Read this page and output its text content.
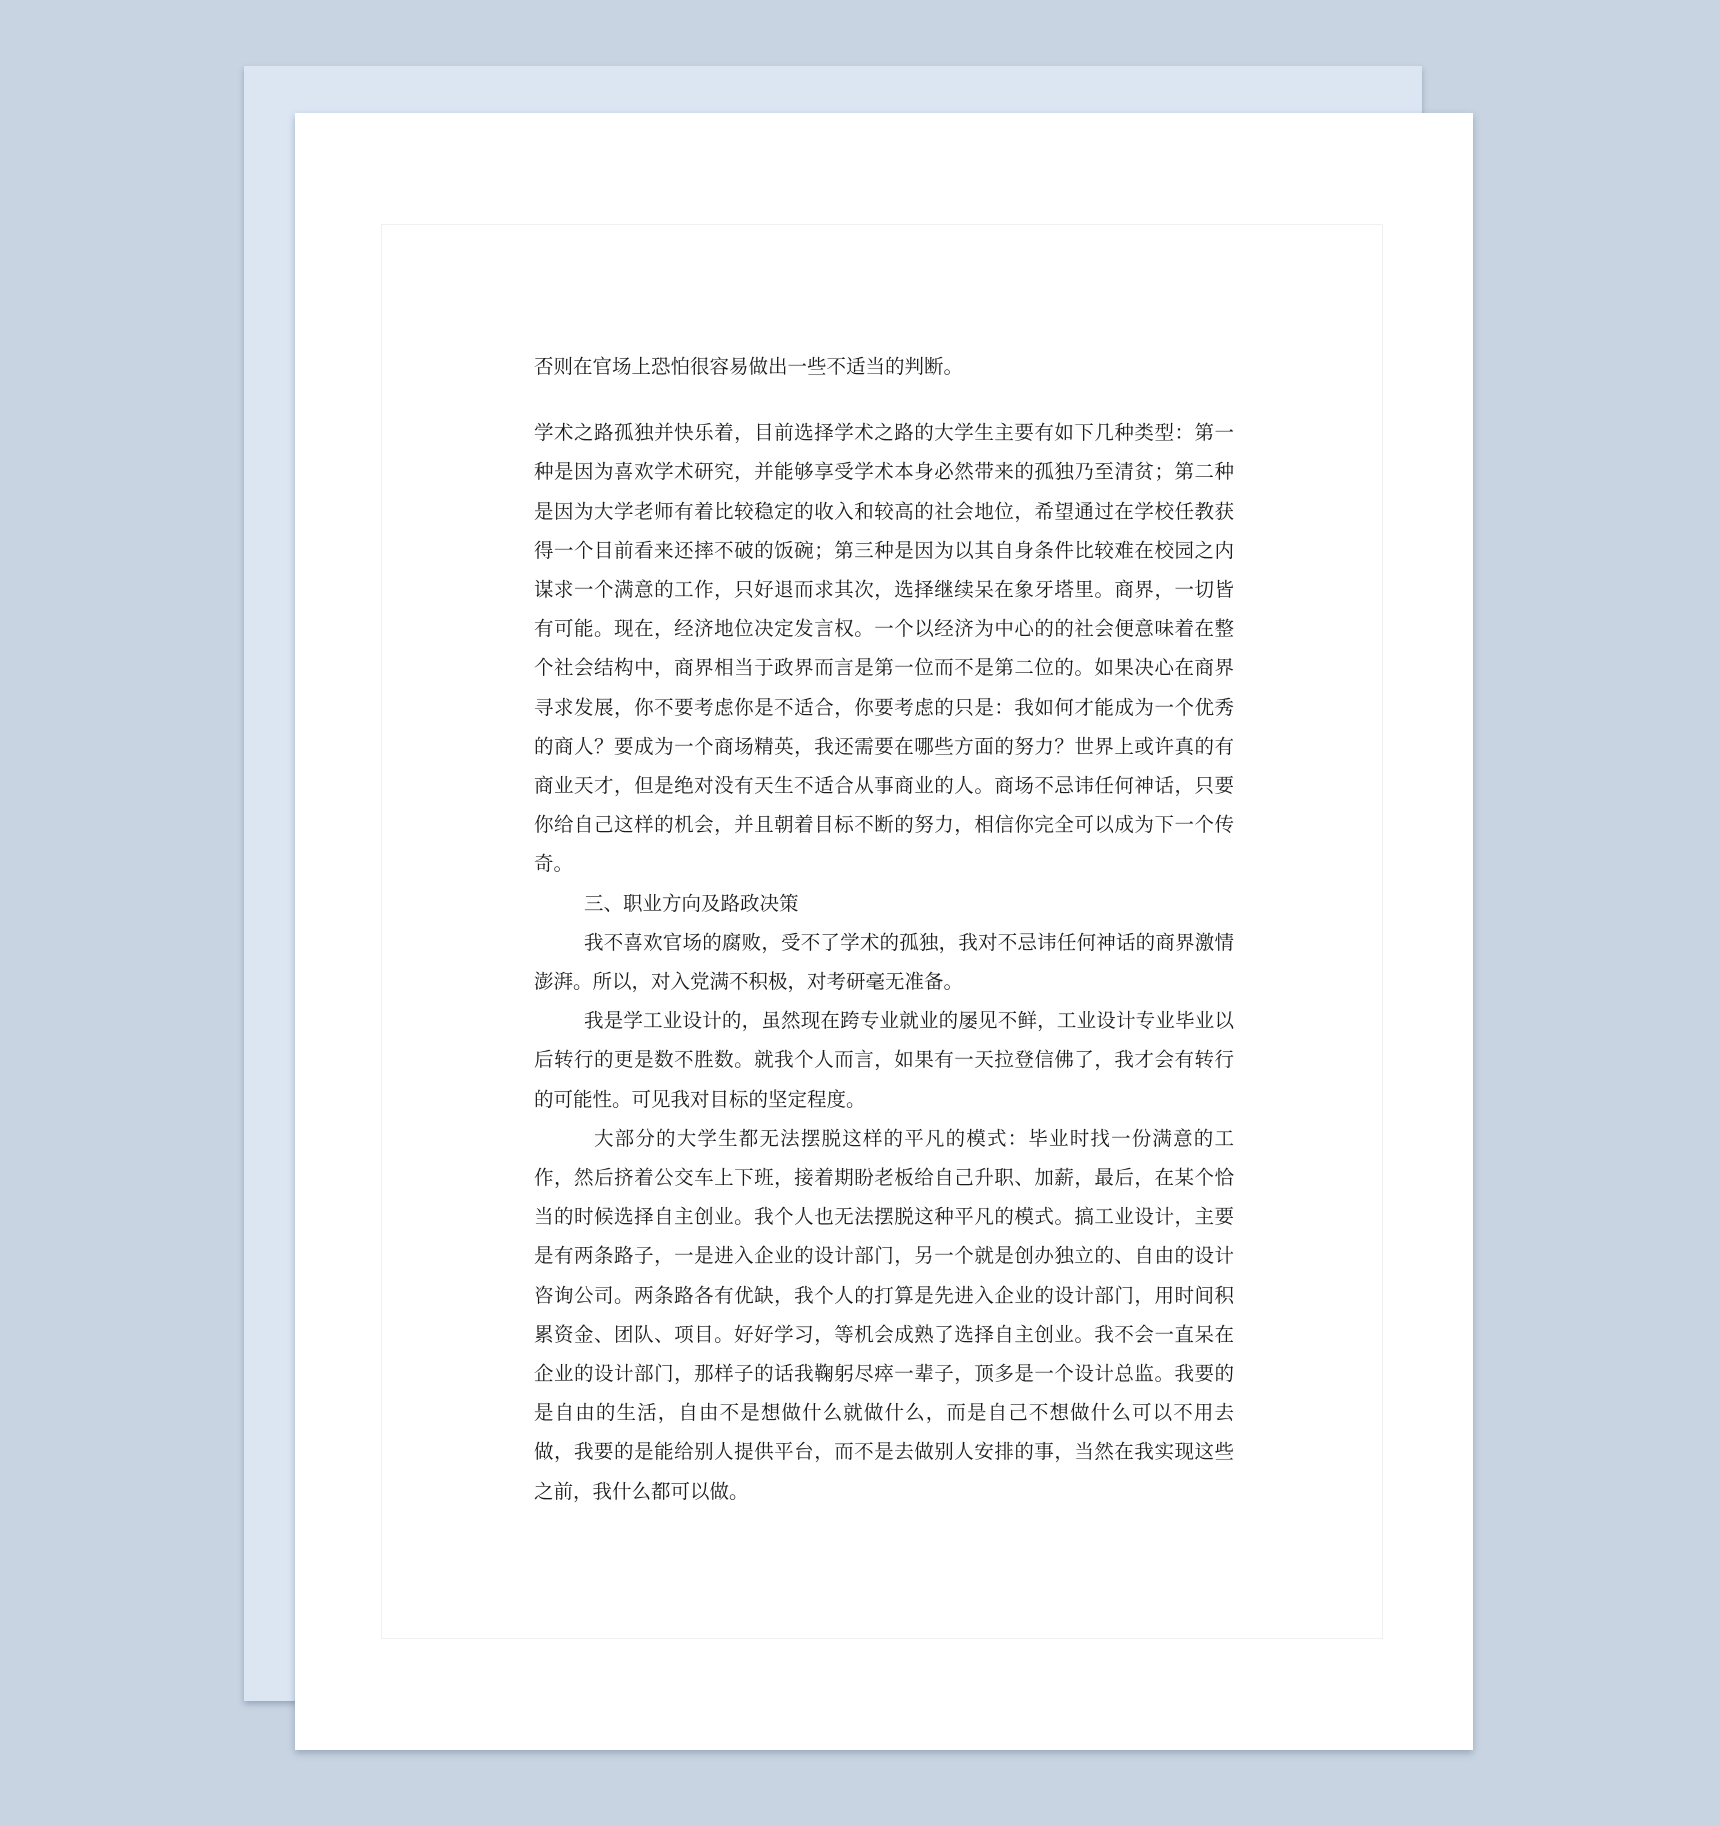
否则在官场上恐怕很容易做出一些不适当的判断。

学术之路孤独并快乐着，目前选择学术之路的大学生主要有如下几种类型：第一种是因为喜欢学术研究，并能够享受学术本身必然带来的孤独乃至清贫；第二种是因为大学老师有着比较稳定的收入和较高的社会地位，希望通过在学校任教获得一个目前看来还摔不破的饭碗；第三种是因为以其自身条件比较难在校园之内谋求一个满意的工作，只好退而求其次，选择继续呆在象牙塔里。商界，一切皆有可能。现在，经济地位决定发言权。一个以经济为中心的的社会便意味着在整个社会结构中，商界相当于政界而言是第一位而不是第二位的。如果决心在商界寻求发展，你不要考虑你是不适合，你要考虑的只是：我如何才能成为一个优秀的商人？要成为一个商场精英，我还需要在哪些方面的努力？世界上或许真的有商业天才，但是绝对没有天生不适合从事商业的人。商场不忌讳任何神话，只要你给自己这样的机会，并且朝着目标不断的努力，相信你完全可以成为下一个传奇。

三、职业方向及路政决策

我不喜欢官场的腐败，受不了学术的孤独，我对不忌讳任何神话的商界激情澎湃。所以，对入党满不积极，对考研毫无准备。

我是学工业设计的，虽然现在跨专业就业的屡见不鲜，工业设计专业毕业以后转行的更是数不胜数。就我个人而言，如果有一天拉登信佛了，我才会有转行的可能性。可见我对目标的坚定程度。

大部分的大学生都无法摆脱这样的平凡的模式：毕业时找一份满意的工作，然后挤着公交车上下班，接着期盼老板给自己升职、加薪，最后，在某个恰当的时候选择自主创业。我个人也无法摆脱这种平凡的模式。搞工业设计，主要是有两条路子，一是进入企业的设计部门，另一个就是创办独立的、自由的设计咨询公司。两条路各有优缺，我个人的打算是先进入企业的设计部门，用时间积累资金、团队、项目。好好学习，等机会成熟了选择自主创业。我不会一直呆在企业的设计部门，那样子的话我鞠躬尽瘁一辈子，顶多是一个设计总监。我要的是自由的生活，自由不是想做什么就做什么，而是自己不想做什么可以不用去做，我要的是能给别人提供平台，而不是去做别人安排的事，当然在我实现这些之前，我什么都可以做。
